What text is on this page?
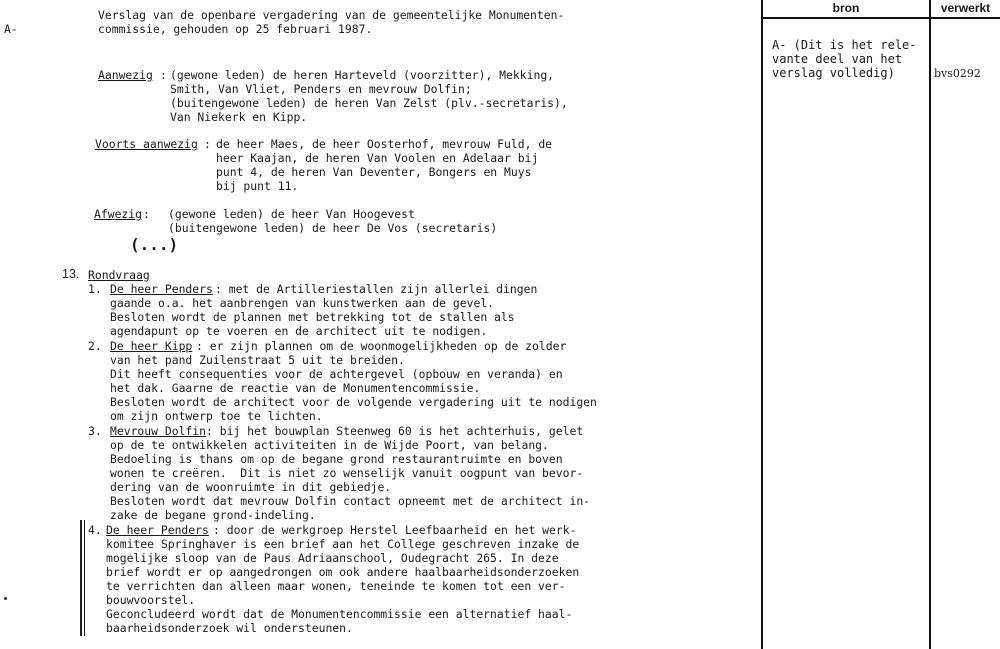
A-
Verslag van de openbare vergadering van de gemeentelijke Monumenten-
commissie, gehouden op 25 februari 1987.
Aanwezig : (gewone leden) de heren Harteveld (voorzitter), Mekking,
Smith, Van Vliet, Penders en mevrouw Dolfin;
(buitengewone leden) de heren Van Zelst (plv.-secretaris),
Van Niekerk en Kipp.
Voorts aanwezig : de heer Maes, de heer Oosterhof, mevrouw Fuld, de
heer Kaajan, de heren Van Voolen en Adelaar bij
punt 4, de heren Van Deventer, Bongers en Muys
bij punt 11.
Afwezig : (gewone leden) de heer Van Hoogevest
(buitengewone leden) de heer De Vos (secretaris)
(...)
13. Rondvraag
1. De heer Penders : met de Artilleriestallen zijn allerlei dingen
gaande o.a. het aanbrengen van kunstwerken aan de gevel.
Besloten wordt de plannen met betrekking tot de stallen als
agendapunt op te voeren en de architect uit te nodigen.
2. De heer Kipp : er zijn plannen om de woonmogelijkheden op de zolder
van het pand Zuilenstraat 5 uit te breiden.
Dit heeft consequenties voor de achtergevel (opbouw en veranda) en
het dak. Gaarne de reactie van de Monumentencommissie.
Besloten wordt de architect voor de volgende vergadering uit te nodigen
om zijn ontwerp toe te lichten.
3. Mevrouw Dolfin : bij het bouwplan Steenweg 60 is het achterhuis, gelet
op de te ontwikkelen activiteiten in de Wijde Poort, van belang.
Bedoeling is thans om op de begane grond restaurantruimte en boven
wonen te creëren.  Dit is niet zo wenselijk vanuit oogpunt van bevor-
dering van de woonruimte in dit gebiedje.
Besloten wordt dat mevrouw Dolfin contact opneemt met de architect in-
zake de begane grond-indeling.
4. De heer Penders : door de werkgroep Herstel Leefbaarheid en het werk-
komitee Springhaver is een brief aan het College geschreven inzake de
mogelijke sloop van de Paus Adriaanschool, Oudegracht 265. In deze
brief wordt er op aangedrongen om ook andere haalbaarheidsonderzoeken
te verrichten dan alleen maar wonen, teneinde te komen tot een ver-
bouwvoorstel.
Geconcludeerd wordt dat de Monumentencommissie een alternatief haal-
baarheidsonderzoek wil ondersteunen.
bron	verwerkt
A- (Dit is het rele-
vante deel van het
verslag volledig)	bvs0292
